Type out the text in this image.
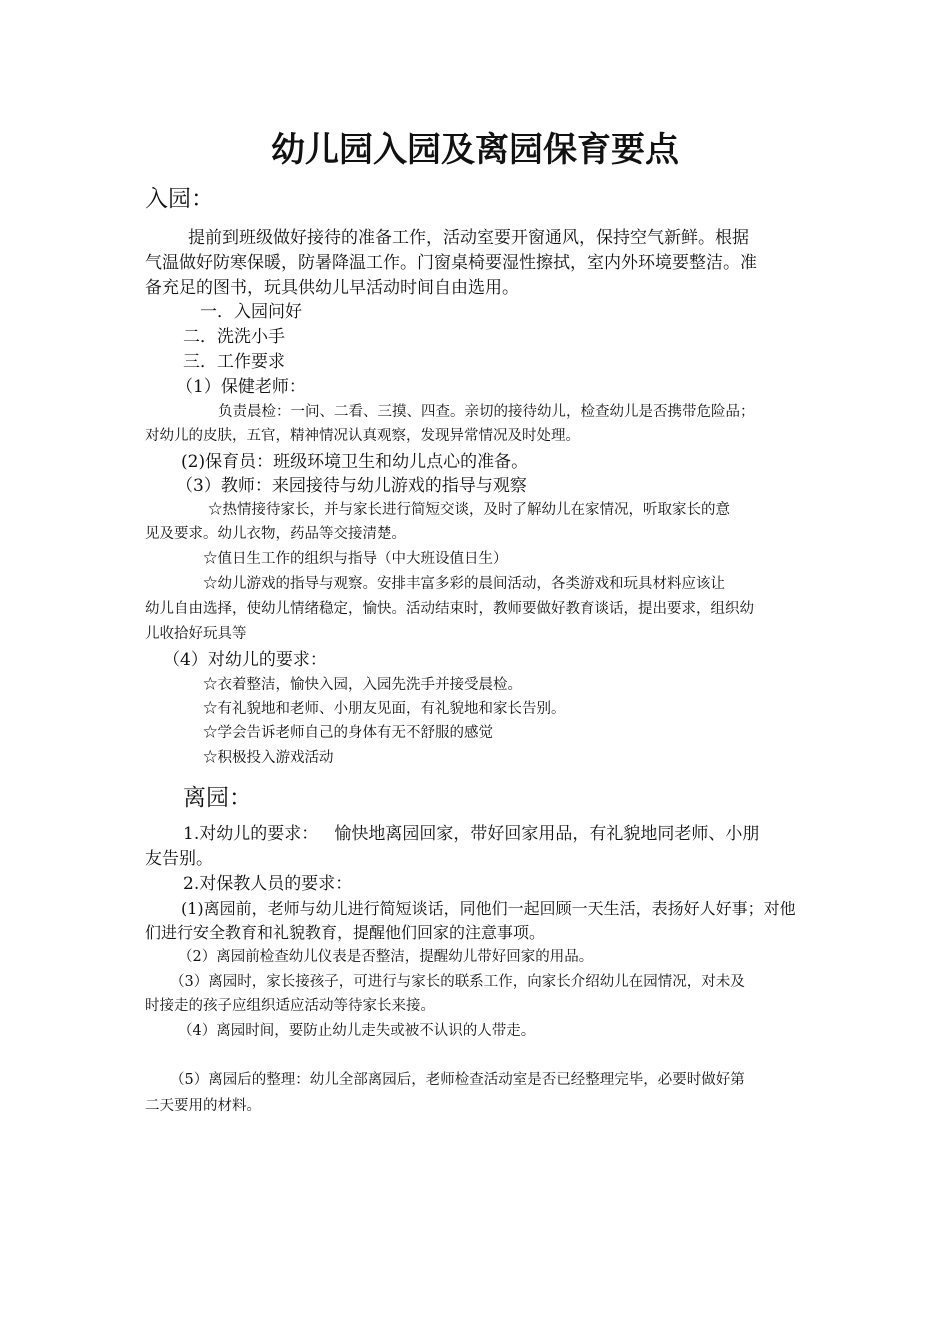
幼儿园入园及离园保育要点
入园：

提前到班级做好接待的准备工作，活动室要开窗通风，保持空气新鲜。根据

气温做好防寒保暖，防暑降温工作。门窗桌椅要湿性擦拭，室内外环境要整洁。准

备充足的图书，玩具供幼儿早活动时间自由选用。

一．入园问好

二．洗洗小手

三．工作要求

（1）保健老师：

负责晨检：一问、二看、三摸、四查。亲切的接待幼儿，检查幼儿是否携带危险品；

对幼儿的皮肤，五官，精神情况认真观察，发现异常情况及时处理。

(2)保育员：班级环境卫生和幼儿点心的准备。

（3）教师：来园接待与幼儿游戏的指导与观察

☆热情接待家长，并与家长进行简短交谈，及时了解幼儿在家情况，听取家长的意

见及要求。幼儿衣物，药品等交接清楚。

☆值日生工作的组织与指导（中大班设值日生）

☆幼儿游戏的指导与观察。安排丰富多彩的晨间活动，各类游戏和玩具材料应该让

幼儿自由选择，使幼儿情绪稳定，愉快。活动结束时，教师要做好教育谈话，提出要求，组织幼

儿收拾好玩具等

（4）对幼儿的要求：

☆衣着整洁，愉快入园，入园先洗手并接受晨检。

☆有礼貌地和老师、小朋友见面，有礼貌地和家长告别。

☆学会告诉老师自己的身体有无不舒服的感觉

☆积极投入游戏活动

离园：

1.对幼儿的要求：   愉快地离园回家，带好回家用品，有礼貌地同老师、小朋

友告别。

2.对保教人员的要求：

(1)离园前，老师与幼儿进行简短谈话，同他们一起回顾一天生活，表扬好人好事；对他

们进行安全教育和礼貌教育，提醒他们回家的注意事项。

（2）离园前检查幼儿仪表是否整洁，提醒幼儿带好回家的用品。

（3）离园时，家长接孩子，可进行与家长的联系工作，向家长介绍幼儿在园情况，对未及

时接走的孩子应组织适应活动等待家长来接。

（4）离园时间，要防止幼儿走失或被不认识的人带走。

（5）离园后的整理：幼儿全部离园后，老师检查活动室是否已经整理完毕，必要时做好第

二天要用的材料。
